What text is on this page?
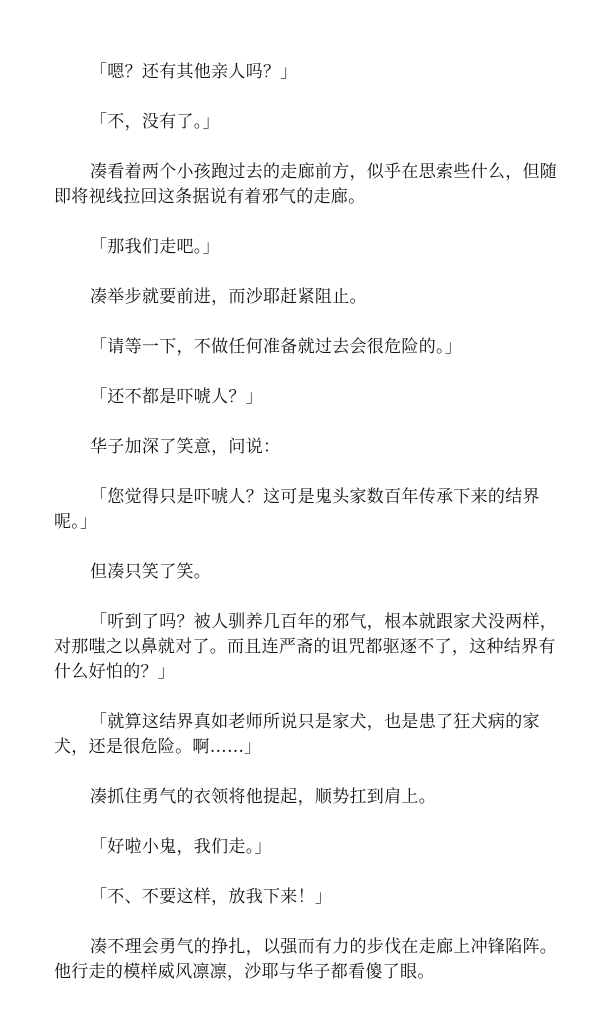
「嗯？还有其他亲人吗？」

「不，没有了。」

凑看着两个小孩跑过去的走廊前方，似乎在思索些什么，但随即将视线拉回这条据说有着邪气的走廊。

「那我们走吧。」

凑举步就要前进，而沙耶赶紧阻止。

「请等一下，不做任何准备就过去会很危险的。」

「还不都是吓唬人？」

华子加深了笑意，问说：

「您觉得只是吓唬人？这可是鬼头家数百年传承下来的结界呢。」

但凑只笑了笑。

「听到了吗？被人驯养几百年的邪气，根本就跟家犬没两样，对那嗤之以鼻就对了。而且连严斋的诅咒都驱逐不了，这种结界有什么好怕的？」

「就算这结界真如老师所说只是家犬，也是患了狂犬病的家犬，还是很危险。啊……」

凑抓住勇气的衣领将他提起，顺势扛到肩上。

「好啦小鬼，我们走。」

「不、不要这样，放我下来！」

凑不理会勇气的挣扎，以强而有力的步伐在走廊上冲锋陷阵。他行走的模样威风凛凛，沙耶与华子都看傻了眼。
